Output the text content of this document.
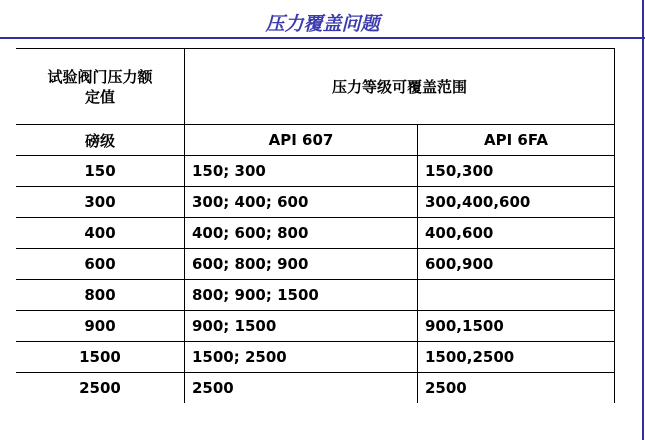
压力覆盖问题
试验阀门压力额
定值	压力等级可覆盖范围	
磅级	API 607	API 6FA
150	150; 300	150,300
300	300; 400; 600	300,400,600
400	400; 600; 800	400,600
600	600; 800; 900	600,900
800	800; 900; 1500	
900	900; 1500	900,1500
1500	1500; 2500	1500,2500
2500	2500	2500
